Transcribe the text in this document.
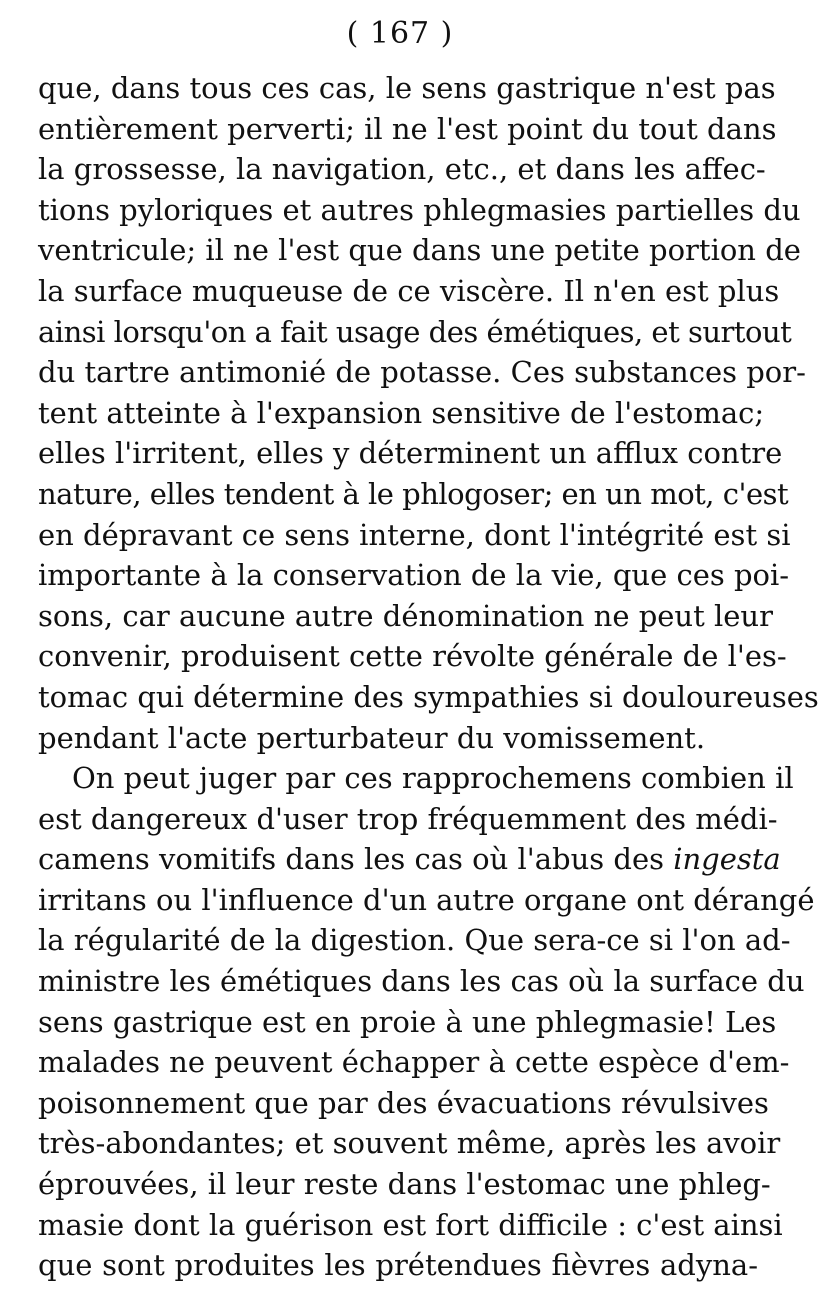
( 167 )
que, dans tous ces cas, le sens gastrique n'est pas
entièrement perverti; il ne l'est point du tout dans
la grossesse, la navigation, etc., et dans les affec-
tions pyloriques et autres phlegmasies partielles du
ventricule; il ne l'est que dans une petite portion de
la surface muqueuse de ce viscère. Il n'en est plus
ainsi lorsqu'on a fait usage des émétiques, et surtout
du tartre antimonié de potasse. Ces substances por-
tent atteinte à l'expansion sensitive de l'estomac;
elles l'irritent, elles y déterminent un afflux contre
nature, elles tendent à le phlogoser; en un mot, c'est
en dépravant ce sens interne, dont l'intégrité est si
importante à la conservation de la vie, que ces poi-
sons, car aucune autre dénomination ne peut leur
convenir, produisent cette révolte générale de l'es-
tomac qui détermine des sympathies si douloureuses
pendant l'acte perturbateur du vomissement.
On peut juger par ces rapprochemens combien il
est dangereux d'user trop fréquemment des médi-
camens vomitifs dans les cas où l'abus des ingesta
irritans ou l'influence d'un autre organe ont dérangé
la régularité de la digestion. Que sera-ce si l'on ad-
ministre les émétiques dans les cas où la surface du
sens gastrique est en proie à une phlegmasie! Les
malades ne peuvent échapper à cette espèce d'em-
poisonnement que par des évacuations révulsives
très-abondantes; et souvent même, après les avoir
éprouvées, il leur reste dans l'estomac une phleg-
masie dont la guérison est fort difficile : c'est ainsi
que sont produites les prétendues fièvres adyna-
